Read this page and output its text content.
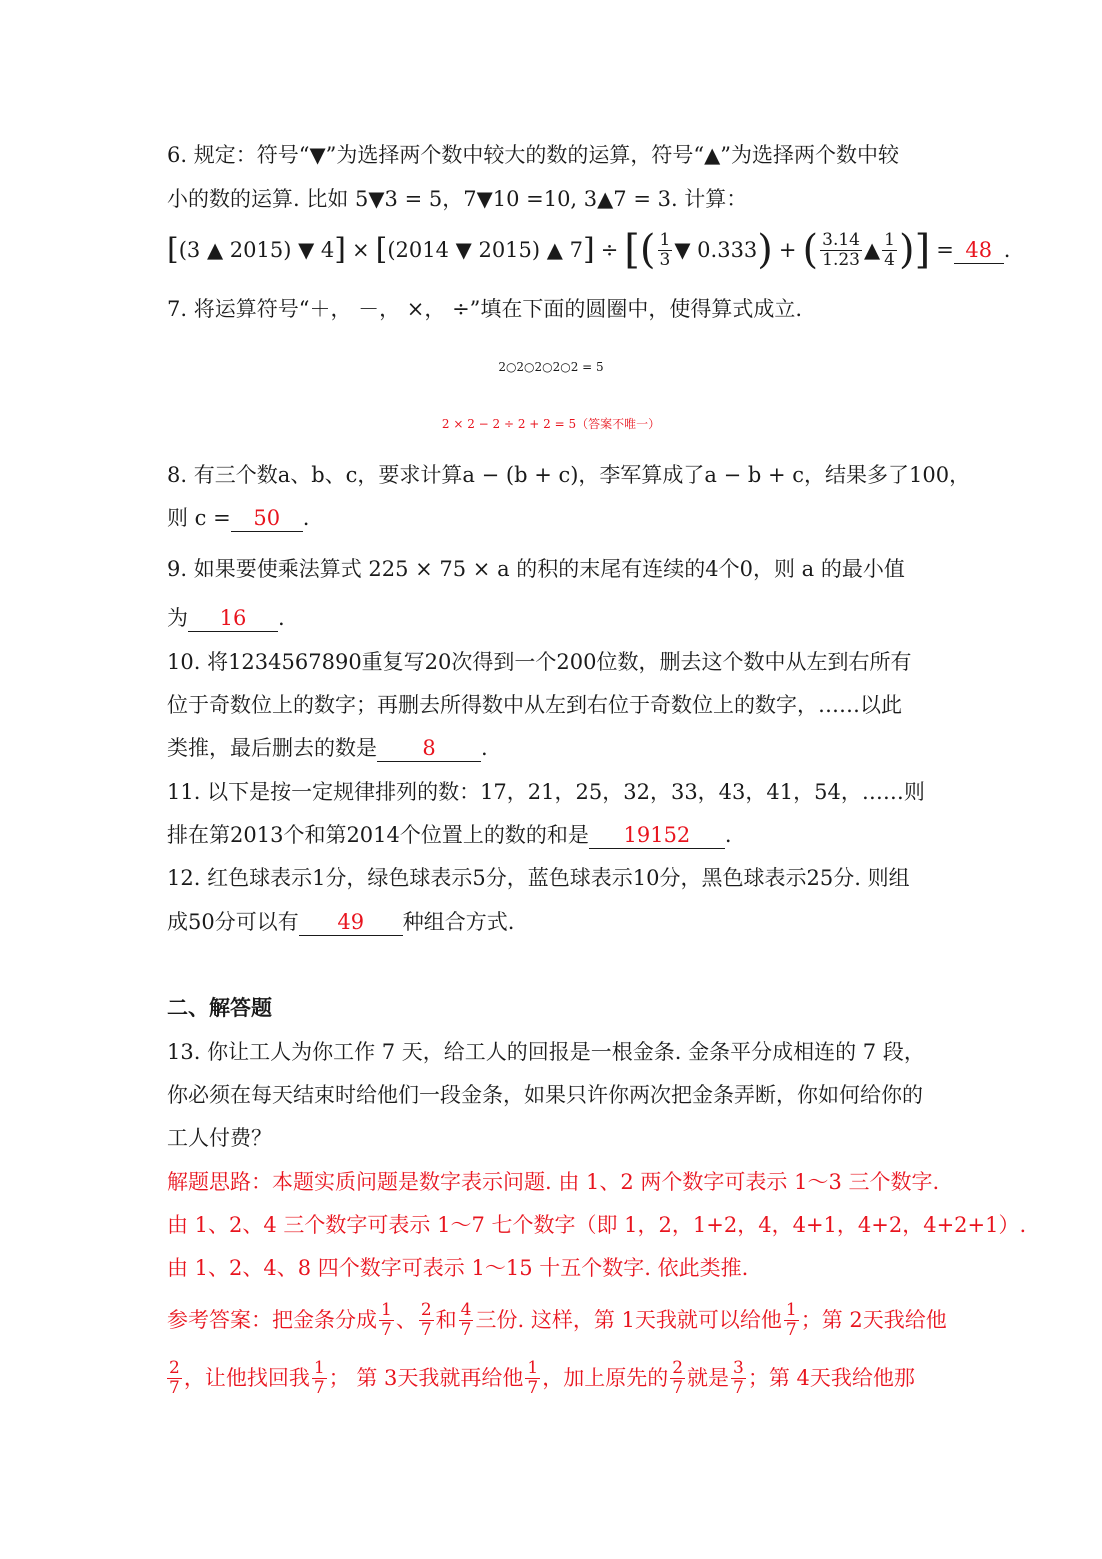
6. 规定：符号“▼”为选择两个数中较大的数的运算，符号“▲”为选择两个数中较
小的数的运算. 比如 5▼3 = 5，7▼10 =10, 3▲7 = 3. 计算：
[ (3 ▲ 2015) ▼ 4 ] × [ (2014 ▼ 2015) ▲ 7 ] ÷ [ ( $\frac{1}{3}$ ▼ 0.333 ) + ( $\frac{3.14}{1.23}$ ▲ $\frac{1}{4}$ ) ] = 48 .
7. 将运算符号“＋， －， ×， ÷”填在下面的圆圈中，使得算式成立.
2○2○2○2○2 = 5
2 × 2 − 2 ÷ 2 + 2 = 5（答案不唯一）
8. 有三个数a、b、c，要求计算a − (b + c)，李军算成了a − b + c，结果多了100，
则 c = 50 .
9. 如果要使乘法算式 225 × 75 × a 的积的末尾有连续的4个0，则 a 的最小值
为 16 .
10. 将1234567890重复写20次得到一个200位数，删去这个数中从左到右所有
位于奇数位上的数字；再删去所得数中从左到右位于奇数位上的数字，……以此
类推，最后删去的数是 8 .
11. 以下是按一定规律排列的数：17，21，25，32，33，43，41，54，……则
排在第2013个和第2014个位置上的数的和是 19152 .
12. 红色球表示1分，绿色球表示5分，蓝色球表示10分，黑色球表示25分. 则组
成50分可以有 49 种组合方式.
二、解答题
13. 你让工人为你工作 7 天，给工人的回报是一根金条. 金条平分成相连的 7 段，
你必须在每天结束时给他们一段金条，如果只许你两次把金条弄断，你如何给你的
工人付费？
解题思路：本题实质问题是数字表示问题. 由 1、2 两个数字可表示 1～3 三个数字.
由 1、2、4 三个数字可表示 1～7 七个数字（即 1，2，1+2，4，4+1，4+2，4+2+1）.
由 1、2、4、8 四个数字可表示 1～15 十五个数字. 依此类推.
参考答案：把金条分成 $\frac{1}{7}$ 、 $\frac{2}{7}$ 和 $\frac{4}{7}$ 三份. 这样，第 1天我就可以给他 $\frac{1}{7}$ ；第 2天我给他
$\frac{2}{7}$ ，让他找回我 $\frac{1}{7}$ ； 第 3天我就再给他 $\frac{1}{7}$ ，加上原先的 $\frac{2}{7}$ 就是 $\frac{3}{7}$ ；第 4天我给他那
